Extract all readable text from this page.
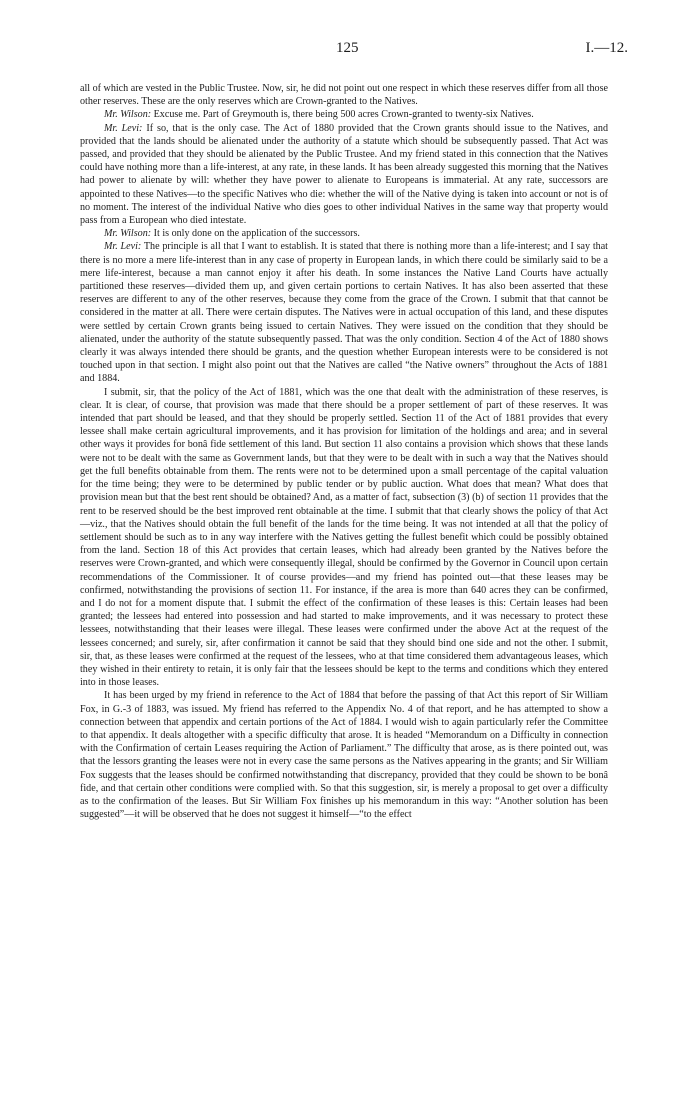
125	I.—12.

all of which are vested in the Public Trustee. Now, sir, he did not point out one respect in which these reserves differ from all those other reserves. These are the only reserves which are Crown-granted to the Natives.

Mr. Wilson: Excuse me. Part of Greymouth is, there being 500 acres Crown-granted to twenty-six Natives.

Mr. Levi: If so, that is the only case. The Act of 1880 provided that the Crown grants should issue to the Natives, and provided that the lands should be alienated under the authority of a statute which should be subsequently passed. That Act was passed, and provided that they should be alienated by the Public Trustee. And my friend stated in this connection that the Natives could have nothing more than a life-interest, at any rate, in these lands. It has been already suggested this morning that the Natives had power to alienate by will: whether they have power to alienate to Europeans is immaterial. At any rate, successors are appointed to these Natives—to the specific Natives who die: whether the will of the Native dying is taken into account or not is of no moment. The interest of the individual Native who dies goes to other individual Natives in the same way that property would pass from a European who died intestate.

Mr. Wilson: It is only done on the application of the successors.

Mr. Levi: The principle is all that I want to establish. It is stated that there is nothing more than a life-interest; and I say that there is no more a mere life-interest than in any case of property in European lands, in which there could be similarly said to be a mere life-interest, because a man cannot enjoy it after his death. In some instances the Native Land Courts have actually partitioned these reserves—divided them up, and given certain portions to certain Natives. It has also been asserted that these reserves are different to any of the other reserves, because they come from the grace of the Crown. I submit that that cannot be considered in the matter at all. There were certain disputes. The Natives were in actual occupation of this land, and these disputes were settled by certain Crown grants being issued to certain Natives. They were issued on the condition that they should be alienated, under the authority of the statute subsequently passed. That was the only condition. Section 4 of the Act of 1880 shows clearly it was always intended there should be grants, and the question whether European interests were to be considered is not touched upon in that section. I might also point out that the Natives are called “the Native owners” throughout the Acts of 1881 and 1884.

I submit, sir, that the policy of the Act of 1881, which was the one that dealt with the administration of these reserves, is clear. It is clear, of course, that provision was made that there should be a proper settlement of part of these reserves. It was intended that part should be leased, and that they should be properly settled. Section 11 of the Act of 1881 provides that every lessee shall make certain agricultural improvements, and it has provision for limitation of the holdings and area; and in several other ways it provides for bonâ fide settlement of this land. But section 11 also contains a provision which shows that these lands were not to be dealt with the same as Government lands, but that they were to be dealt with in such a way that the Natives should get the full benefits obtainable from them. The rents were not to be determined upon a small percentage of the capital valuation for the time being; they were to be determined by public tender or by public auction. What does that mean? What does that provision mean but that the best rent should be obtained? And, as a matter of fact, subsection (3) (b) of section 11 provides that the rent to be reserved should be the best improved rent obtainable at the time. I submit that that clearly shows the policy of that Act—viz., that the Natives should obtain the full benefit of the lands for the time being. It was not intended at all that the policy of settlement should be such as to in any way interfere with the Natives getting the fullest benefit which could be possibly obtained from the land. Section 18 of this Act provides that certain leases, which had already been granted by the Natives before the reserves were Crown-granted, and which were consequently illegal, should be confirmed by the Governor in Council upon certain recommendations of the Commissioner. It of course provides—and my friend has pointed out—that these leases may be confirmed, notwithstanding the provisions of section 11. For instance, if the area is more than 640 acres they can be confirmed, and I do not for a moment dispute that. I submit the effect of the confirmation of these leases is this: Certain leases had been granted; the lessees had entered into possession and had started to make improvements, and it was necessary to protect these lessees, notwithstanding that their leases were illegal. These leases were confirmed under the above Act at the request of the lessees concerned; and surely, sir, after confirmation it cannot be said that they should bind one side and not the other. I submit, sir, that, as these leases were confirmed at the request of the lessees, who at that time considered them advantageous leases, which they wished in their entirety to retain, it is only fair that the lessees should be kept to the terms and conditions which they entered into in those leases.

It has been urged by my friend in reference to the Act of 1884 that before the passing of that Act this report of Sir William Fox, in G.-3 of 1883, was issued. My friend has referred to the Appendix No. 4 of that report, and he has attempted to show a connection between that appendix and certain portions of the Act of 1884. I would wish to again particularly refer the Committee to that appendix. It deals altogether with a specific difficulty that arose. It is headed “Memorandum on a Difficulty in connection with the Confirmation of certain Leases requiring the Action of Parliament.” The difficulty that arose, as is there pointed out, was that the lessors granting the leases were not in every case the same persons as the Natives appearing in the grants; and Sir William Fox suggests that the leases should be confirmed notwithstanding that discrepancy, provided that they could be shown to be bonâ fide, and that certain other conditions were complied with. So that this suggestion, sir, is merely a proposal to get over a difficulty as to the confirmation of the leases. But Sir William Fox finishes up his memorandum in this way: “Another solution has been suggested”—it will be observed that he does not suggest it himself—“to the effect
